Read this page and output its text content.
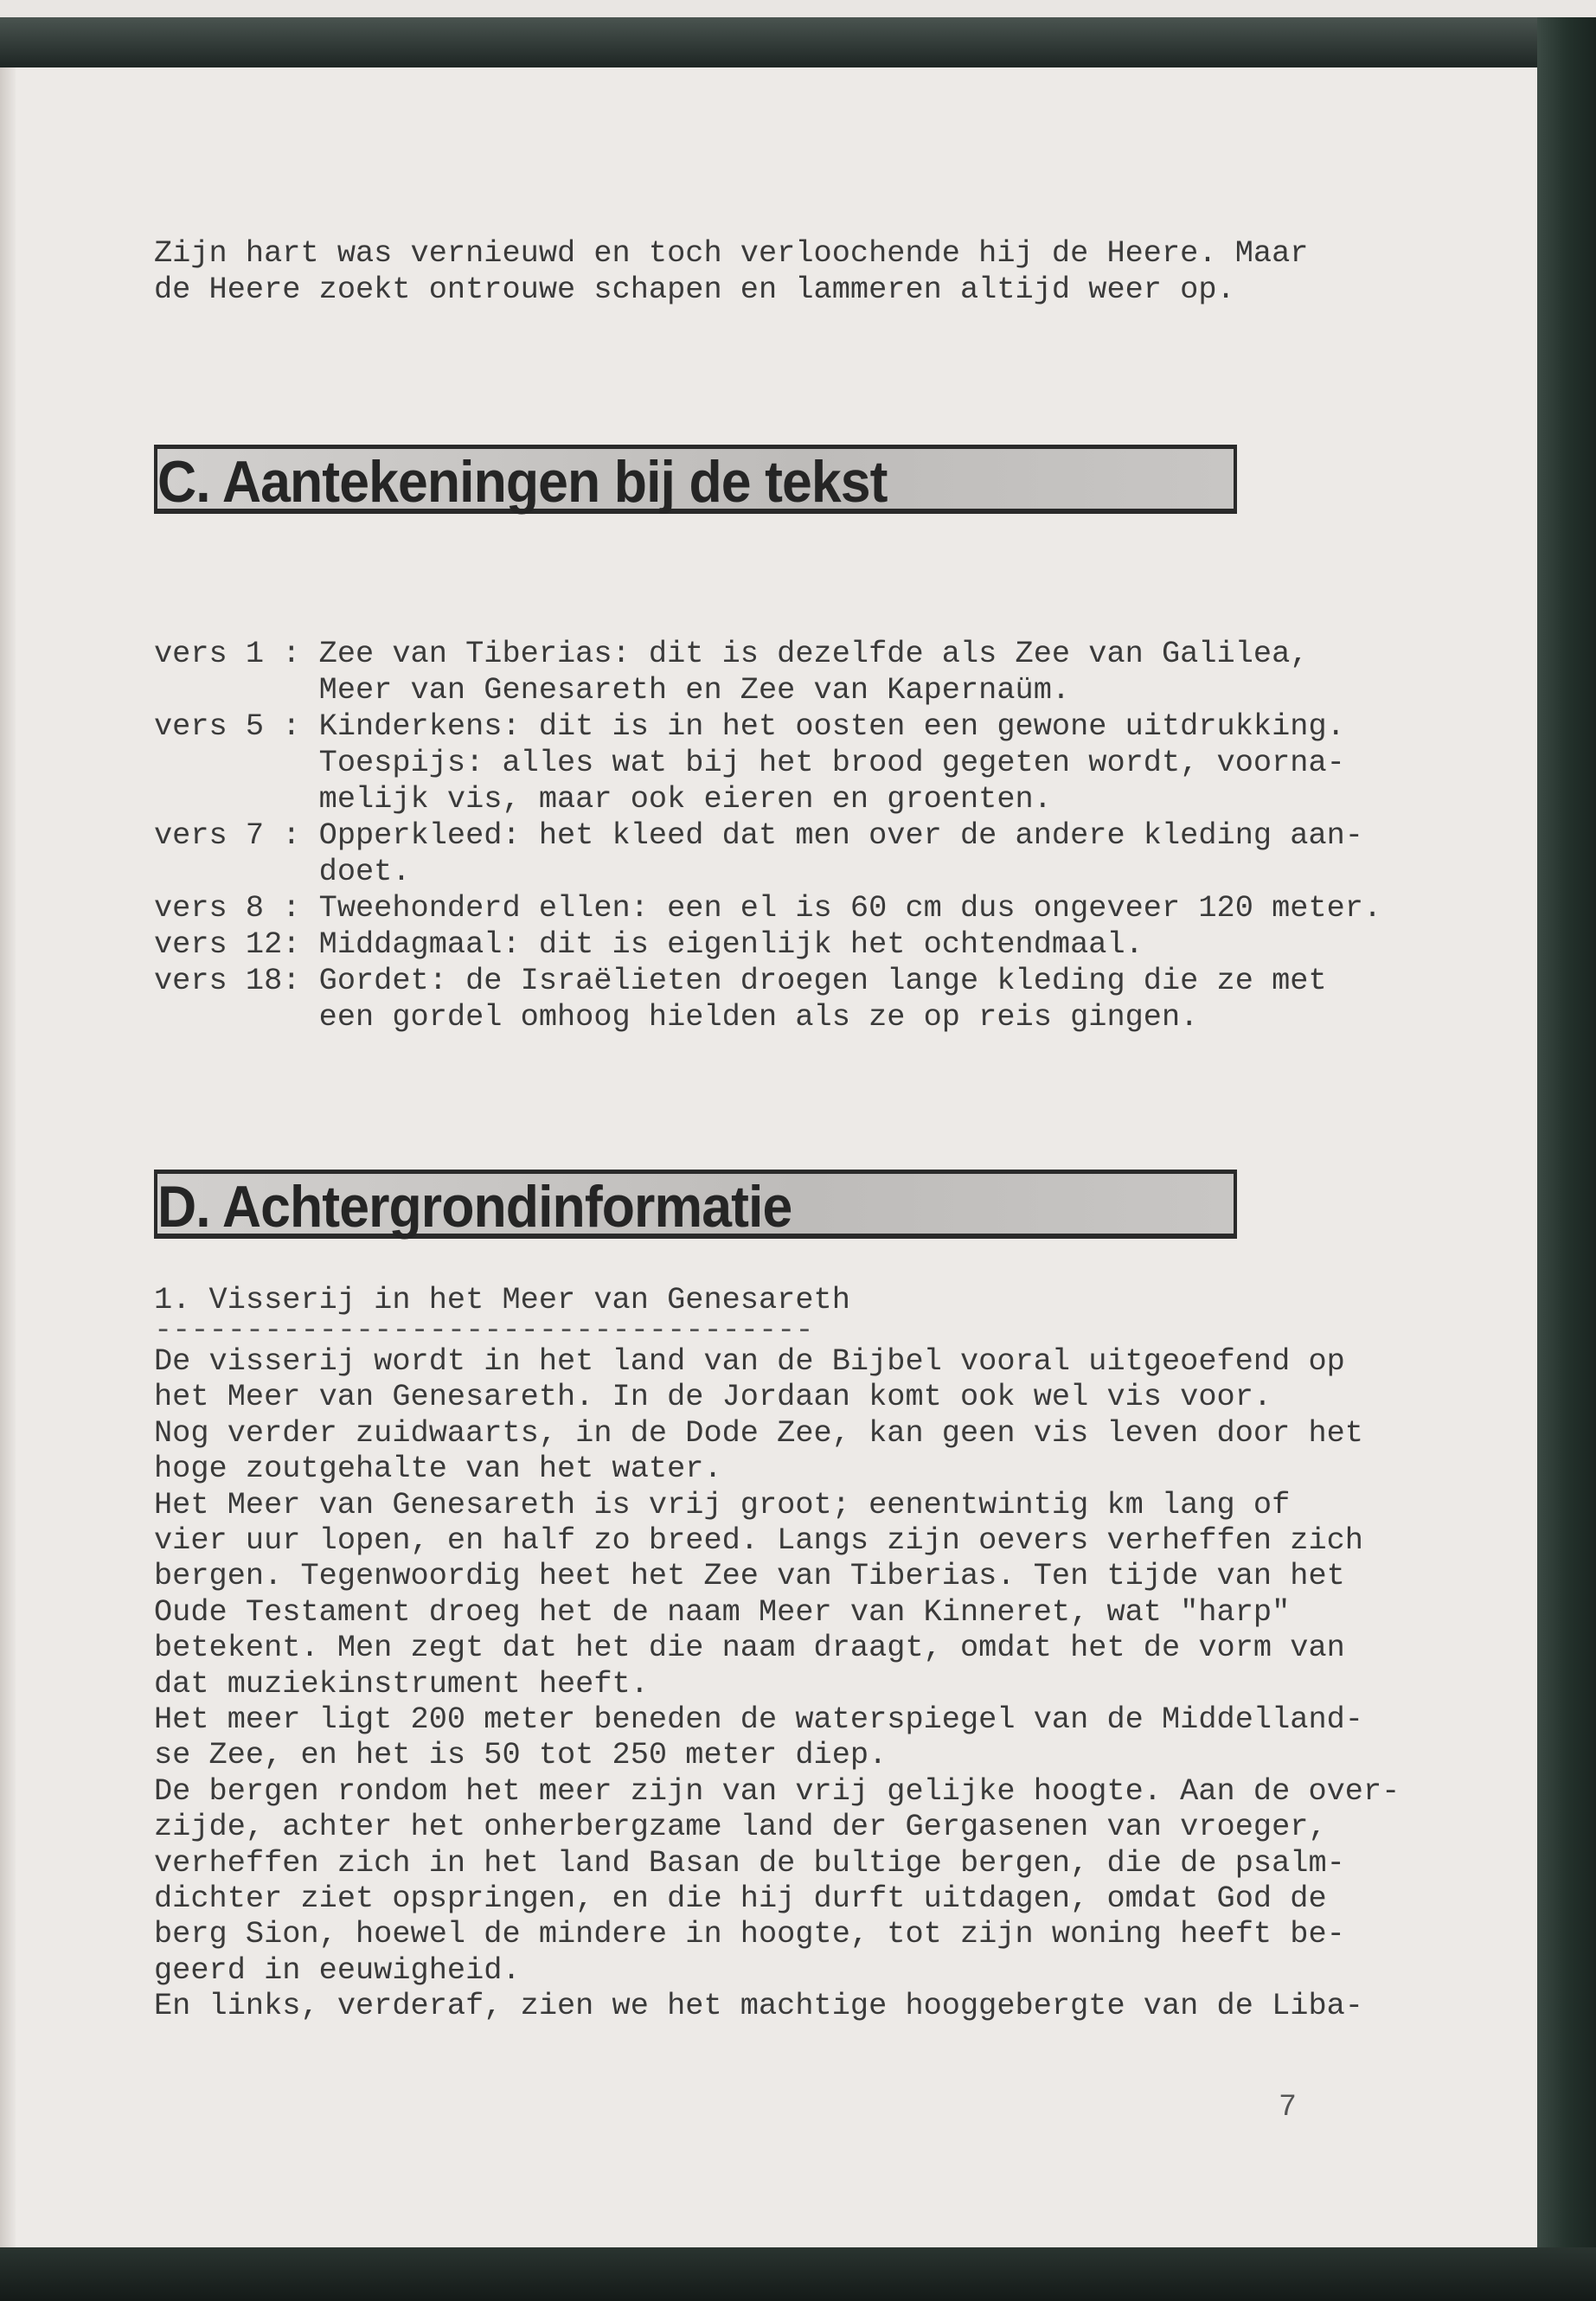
Zijn hart was vernieuwd en toch verloochende hij de Heere. Maar
de Heere zoekt ontrouwe schapen en lammeren altijd weer op.
C. Aantekeningen bij de tekst
vers 1 : Zee van Tiberias: dit is dezelfde als Zee van Galilea,
Meer van Genesareth en Zee van Kapernaüm.
vers 5 : Kinderkens: dit is in het oosten een gewone uitdrukking.
Toespijs: alles wat bij het brood gegeten wordt, voorna-
melijk vis, maar ook eieren en groenten.
vers 7 : Opperkleed: het kleed dat men over de andere kleding aan-
doet.
vers 8 : Tweehonderd ellen: een el is 60 cm dus ongeveer 120 meter.
vers 12: Middagmaal: dit is eigenlijk het ochtendmaal.
vers 18: Gordet: de Israëlieten droegen lange kleding die ze met
een gordel omhoog hielden als ze op reis gingen.
D. Achtergrondinformatie
1. Visserij in het Meer van Genesareth
------------------------------------
De visserij wordt in het land van de Bijbel vooral uitgeoefend op
het Meer van Genesareth. In de Jordaan komt ook wel vis voor.
Nog verder zuidwaarts, in de Dode Zee, kan geen vis leven door het
hoge zoutgehalte van het water.
Het Meer van Genesareth is vrij groot; eenentwintig km lang of
vier uur lopen, en half zo breed. Langs zijn oevers verheffen zich
bergen. Tegenwoordig heet het Zee van Tiberias. Ten tijde van het
Oude Testament droeg het de naam Meer van Kinneret, wat "harp"
betekent. Men zegt dat het die naam draagt, omdat het de vorm van
dat muziekinstrument heeft.
Het meer ligt 200 meter beneden de waterspiegel van de Middelland-
se Zee, en het is 50 tot 250 meter diep.
De bergen rondom het meer zijn van vrij gelijke hoogte. Aan de over-
zijde, achter het onherbergzame land der Gergasenen van vroeger,
verheffen zich in het land Basan de bultige bergen, die de psalm-
dichter ziet opspringen, en die hij durft uitdagen, omdat God de
berg Sion, hoewel de mindere in hoogte, tot zijn woning heeft be-
geerd in eeuwigheid.
En links, verderaf, zien we het machtige hooggebergte van de Liba-
7
